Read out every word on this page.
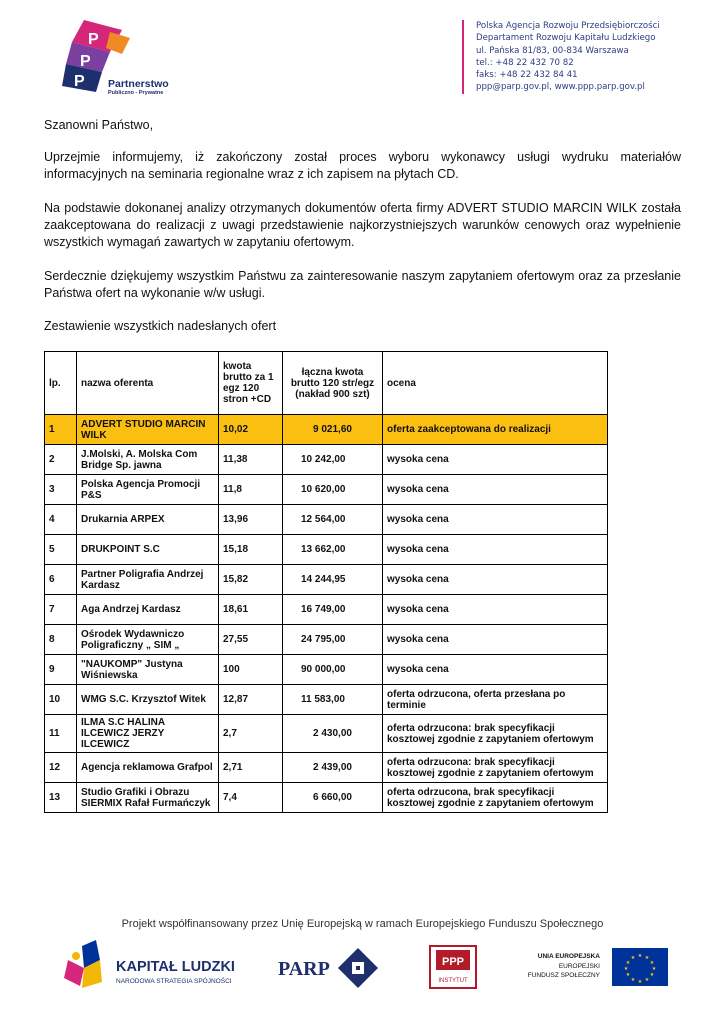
P
P
P Partnerstwo
Publiczno - Prywatne
Polska Agencja Rozwoju Przedsiębiorczości
Departament Rozwoju Kapitału Ludzkiego
ul. Pańska 81/83, 00-834 Warszawa
tel.: +48 22 432 70 82
faks: +48 22 432 84 41
ppp@parp.gov.pl, www.ppp.parp.gov.pl
Szanowni Państwo,
Uprzejmie informujemy, iż zakończony został proces wyboru wykonawcy usługi wydruku materiałów informacyjnych na seminaria regionalne wraz z ich zapisem na płytach CD.
Na podstawie dokonanej analizy otrzymanych dokumentów oferta firmy ADVERT STUDIO MARCIN WILK została zaakceptowana do realizacji z uwagi przedstawienie najkorzystniejszych warunków cenowych oraz wypełnienie wszystkich wymagań zawartych w zapytaniu ofertowym.
Serdecznie dziękujemy wszystkim Państwu za zainteresowanie naszym zapytaniem ofertowym oraz za przesłanie Państwa ofert na wykonanie w/w usługi.
Zestawienie wszystkich nadesłanych ofert
lp.	nazwa oferenta	kwota brutto za 1 egz 120 stron +CD	łączna kwota brutto 120 str/egz (nakład 900 szt)	ocena
1	ADVERT STUDIO MARCIN WILK	10,02	9 021,60	oferta zaakceptowana do realizacji
2	J.Molski, A. Molska Com Bridge Sp. jawna	11,38	10 242,00	wysoka cena
3	Polska Agencja Promocji P&S	11,8	10 620,00	wysoka cena
4	Drukarnia ARPEX	13,96	12 564,00	wysoka cena
5	DRUKPOINT S.C	15,18	13 662,00	wysoka cena
6	Partner Poligrafia Andrzej Kardasz	15,82	14 244,95	wysoka cena
7	Aga Andrzej Kardasz	18,61	16 749,00	wysoka cena
8	Ośrodek Wydawniczo Poligraficzny „ SIM „	27,55	24 795,00	wysoka cena
9	"NAUKOMP" Justyna Wiśniewska	100	90 000,00	wysoka cena
10	WMG S.C. Krzysztof Witek	12,87	11 583,00	oferta odrzucona, oferta przesłana po terminie
11	ILMA S.C HALINA ILCEWICZ JERZY ILCEWICZ	2,7	2 430,00	oferta odrzucona: brak specyfikacji kosztowej zgodnie z zapytaniem ofertowym
12	Agencja reklamowa Grafpol	2,71	2 439,00	oferta odrzucona: brak specyfikacji kosztowej zgodnie z zapytaniem ofertowym
13	Studio Grafiki i Obrazu SIERMIX Rafał Furmańczyk	7,4	6 660,00	oferta odrzucona, brak specyfikacji kosztowej zgodnie z zapytaniem ofertowym
Projekt współfinansowany przez Unię Europejską w ramach Europejskiego Funduszu Społecznego
KAPITAŁ LUDZKI
NARODOWA STRATEGIA SPÓJNOŚCI
PARP	PPP
INSTYTUT
UNIA EUROPEJSKA
EUROPEJSKI
FUNDUSZ SPOŁECZNY
★ ★
★
★
★
★
★
★
★
★
★
★
